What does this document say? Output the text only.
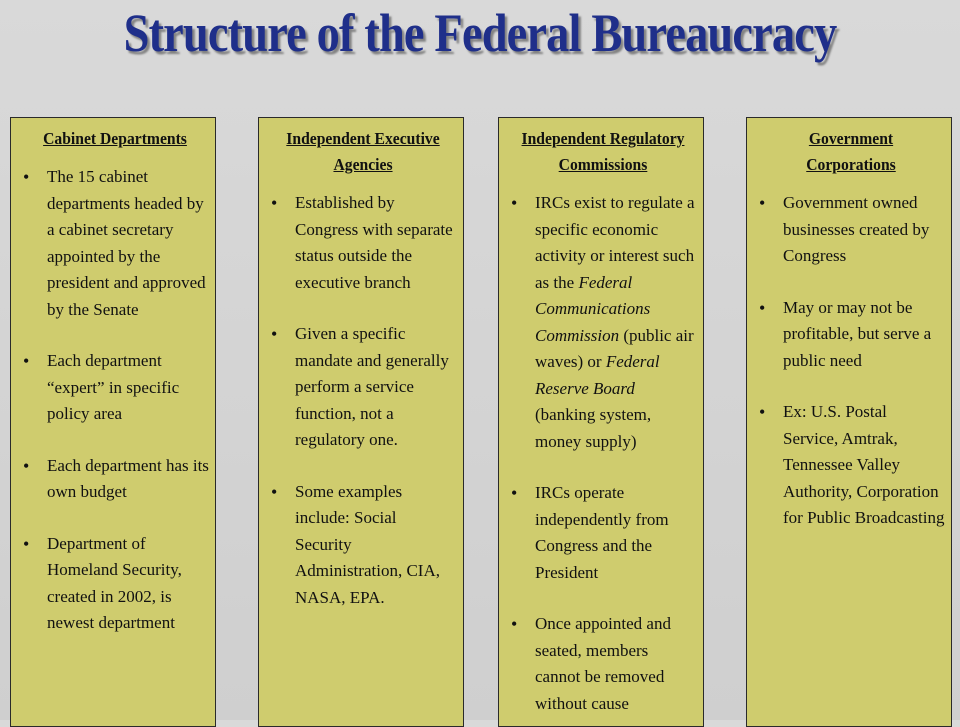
Structure of the Federal Bureaucracy
Cabinet Departments
• The 15 cabinet departments headed by a cabinet secretary appointed by the president and approved by the Senate
• Each department “expert” in specific policy area
• Each department has its own budget
• Department of Homeland Security, created in 2002, is newest department
Independent Executive Agencies
• Established by Congress with separate status outside the executive branch
• Given a specific mandate and generally perform a service function, not a regulatory one.
• Some examples include: Social Security Administration, CIA, NASA, EPA.
Independent Regulatory Commissions
• IRCs exist to regulate a specific economic activity or interest such as the Federal Communications Commission (public air waves) or Federal Reserve Board (banking system, money supply)
• IRCs operate independently from Congress and the President
• Once appointed and seated, members cannot be removed without cause
Government Corporations
• Government owned businesses created by Congress
• May or may not be profitable, but serve a public need
• Ex: U.S. Postal Service, Amtrak, Tennessee Valley Authority, Corporation for Public Broadcasting
